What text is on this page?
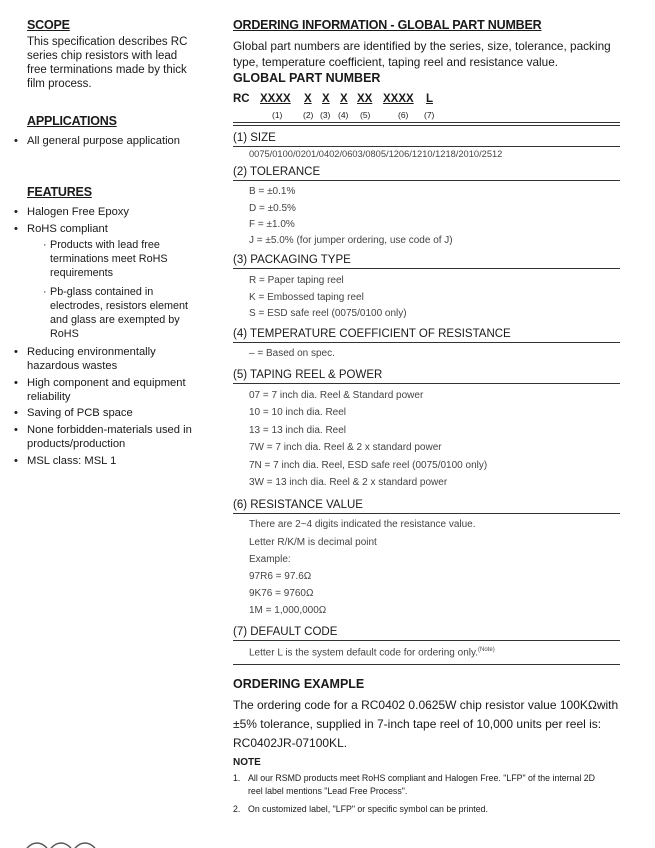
SCOPE
This specification describes RC
series chip resistors with lead
free terminations made by thick
film process.
APPLICATIONS
• All general purpose application
FEATURES
• Halogen Free Epoxy
• RoHS compliant
· Products with lead free
terminations meet RoHS
requirements
· Pb-glass contained in
electrodes, resistors element
and glass are exempted by
RoHS
• Reducing environmentally
hazardous wastes
• High component and equipment
reliability
• Saving of PCB space
• None forbidden-materials used in
products/production
• MSL class: MSL 1
ORDERING INFORMATION - GLOBAL PART NUMBER
Global part numbers are identified by the series, size, tolerance, packing
type, temperature coefficient, taping reel and resistance value.
GLOBAL PART NUMBER
RC XXXX X X X XX XXXX L
(1) (2) (3) (4) (5)	(6) (7)
(1) SIZE
0075/0100/0201/0402/0603/0805/1206/1210/1218/2010/2512
(2) TOLERANCE
B = ±0.1%
D = ±0.5%
F = ±1.0%
J = ±5.0% (for jumper ordering, use code of J)
(3) PACKAGING TYPE
R = Paper taping reel
K = Embossed taping reel
S = ESD safe reel (0075/0100 only)
(4) TEMPERATURE COEFFICIENT OF RESISTANCE
– = Based on spec.
(5) TAPING REEL & POWER
07 = 7 inch dia. Reel & Standard power
10 = 10 inch dia. Reel
13 = 13 inch dia. Reel
7W = 7 inch dia. Reel & 2 x standard power
7N = 7 inch dia. Reel, ESD safe reel (0075/0100 only)
3W = 13 inch dia. Reel & 2 x standard power
(6) RESISTANCE VALUE
There are 2~4 digits indicated the resistance value.
Letter R/K/M is decimal point
Example:
97R6 = 97.6Ω
9K76 = 9760Ω
1M = 1,000,000Ω
(7) DEFAULT CODE
Letter L is the system default code for ordering only.$^{(Note)}$
ORDERING EXAMPLE
The ordering code for a RC0402 0.0625W chip resistor value 100KΩwith
±5% tolerance, supplied in 7-inch tape reel of 10,000 units per reel is:
RC0402JR-07100KL.
NOTE
1. All our RSMD products meet RoHS compliant and Halogen Free. "LFP" of the internal 2D
reel label mentions "Lead Free Process".
2. On customized label, "LFP" or specific symbol can be printed.
